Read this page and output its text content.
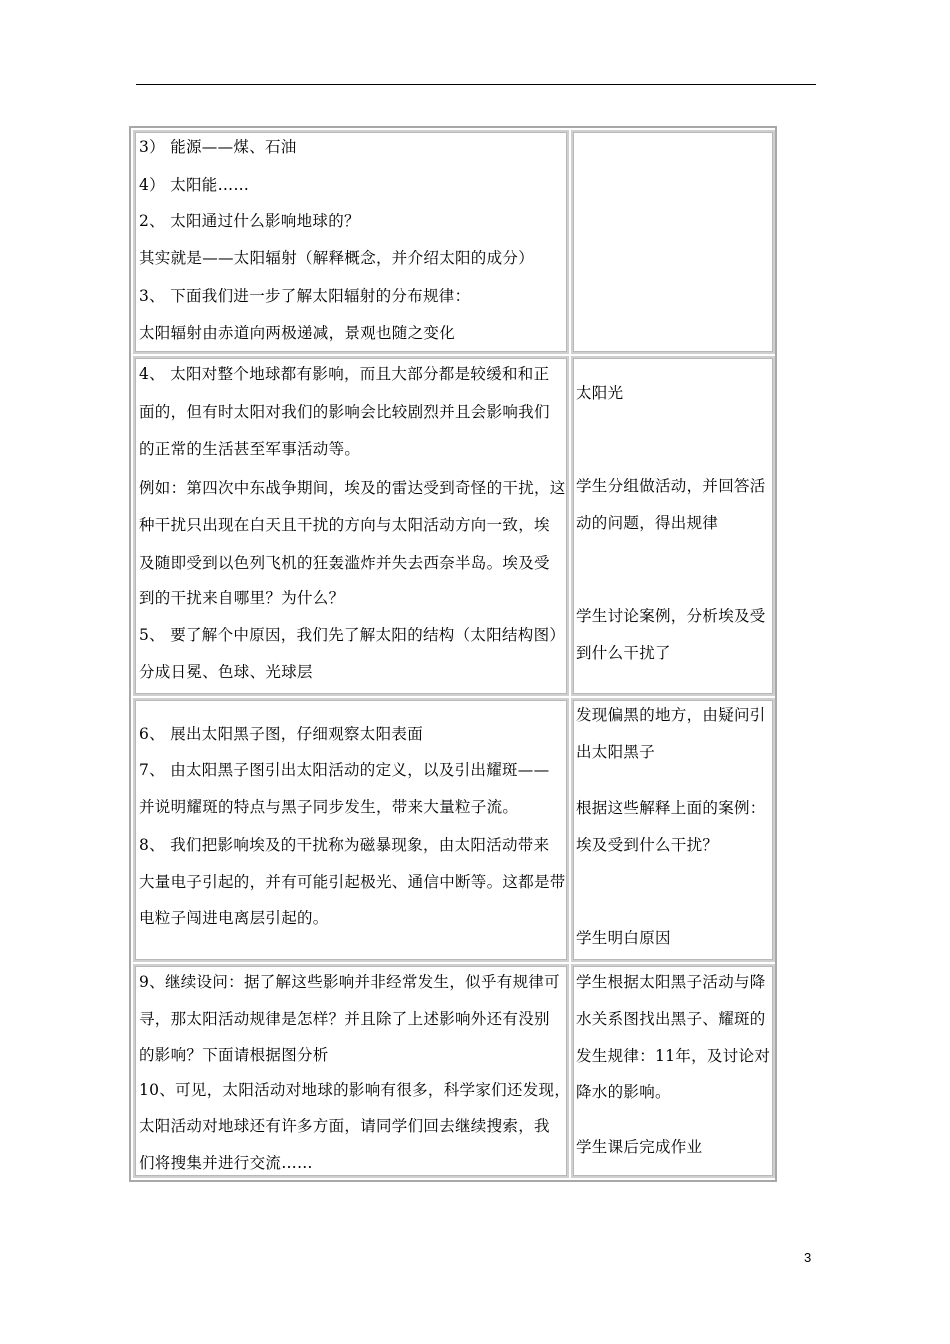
3） 能源——煤、石油
4） 太阳能……
2、 太阳通过什么影响地球的？
其实就是——太阳辐射（解释概念，并介绍太阳的成分）
3、 下面我们进一步了解太阳辐射的分布规律：
太阳辐射由赤道向两极递减，景观也随之变化
4、 太阳对整个地球都有影响，而且大部分都是较缓和和正
面的，但有时太阳对我们的影响会比较剧烈并且会影响我们
的正常的生活甚至军事活动等。
例如：第四次中东战争期间，埃及的雷达受到奇怪的干扰，这
种干扰只出现在白天且干扰的方向与太阳活动方向一致，埃
及随即受到以色列飞机的狂轰滥炸并失去西奈半岛。埃及受
到的干扰来自哪里？为什么？
5、 要了解个中原因，我们先了解太阳的结构（太阳结构图）
分成日冕、色球、光球层
太阳光
学生分组做活动，并回答活
动的问题，得出规律
学生讨论案例，分析埃及受
到什么干扰了
6、 展出太阳黑子图，仔细观察太阳表面
7、 由太阳黑子图引出太阳活动的定义，以及引出耀斑——
并说明耀斑的特点与黑子同步发生，带来大量粒子流。
8、 我们把影响埃及的干扰称为磁暴现象，由太阳活动带来
大量电子引起的，并有可能引起极光、通信中断等。这都是带
电粒子闯进电离层引起的。
发现偏黑的地方，由疑问引
出太阳黑子
根据这些解释上面的案例：
埃及受到什么干扰？
学生明白原因
9、继续设问：据了解这些影响并非经常发生，似乎有规律可
寻，那太阳活动规律是怎样？并且除了上述影响外还有没别
的影响？下面请根据图分析
10、可见，太阳活动对地球的影响有很多，科学家们还发现，
太阳活动对地球还有许多方面，请同学们回去继续搜索，我
们将搜集并进行交流……
学生根据太阳黑子活动与降
水关系图找出黑子、耀斑的
发生规律：11年，及讨论对
降水的影响。
学生课后完成作业
3
